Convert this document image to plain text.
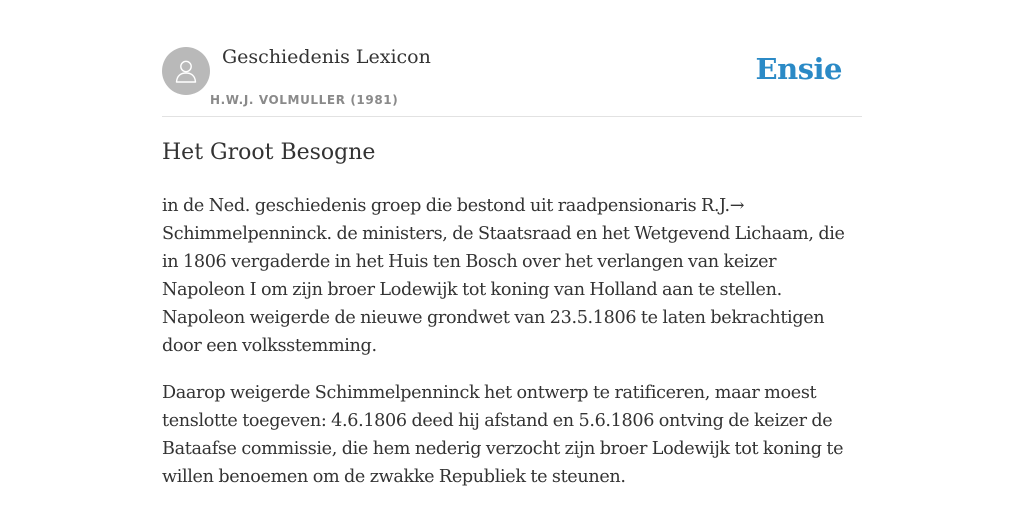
Geschiedenis Lexicon
H.W.J. VOLMULLER (1981)
Ensie
Het Groot Besogne

in de Ned. geschiedenis groep die bestond uit raadpensionaris R.J.→ Schimmelpenninck. de ministers, de Staatsraad en het Wetgevend Lichaam, die in 1806 vergaderde in het Huis ten Bosch over het verlangen van keizer Napoleon I om zijn broer Lodewijk tot koning van Holland aan te stellen. Napoleon weigerde de nieuwe grondwet van 23.5.1806 te laten bekrachtigen door een volksstemming.

Daarop weigerde Schimmelpenninck het ontwerp te ratificeren, maar moest tenslotte toegeven: 4.6.1806 deed hij afstand en 5.6.1806 ontving de keizer de Bataafse commissie, die hem nederig verzocht zijn broer Lodewijk tot koning te willen benoemen om de zwakke Republiek te steunen.
